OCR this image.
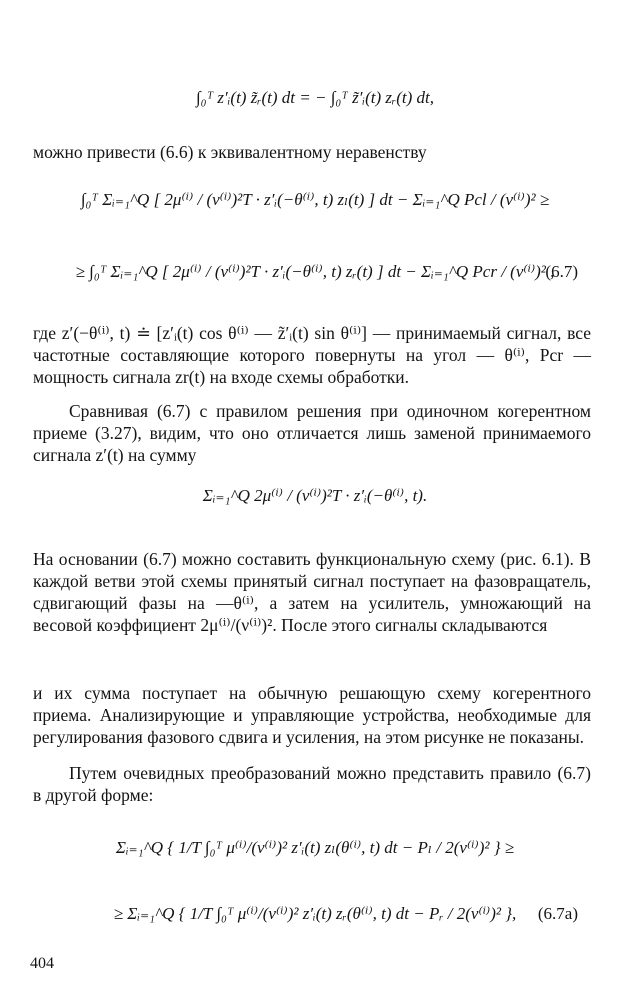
∫₀ᵀ z′ᵢ(t) z̃ᵣ(t) dt = − ∫₀ᵀ z̃′ᵢ(t) zᵣ(t) dt,
можно привести (6.6) к эквивалентному неравенству
∫₀ᵀ Σᵢ₌₁^Q [ 2μ⁽ⁱ⁾ / (ν⁽ⁱ⁾)²T · z′ᵢ(−θ⁽ⁱ⁾, t) zₗ(t) ] dt − Σᵢ₌₁^Q Pcl / (ν⁽ⁱ⁾)² ≥
≥ ∫₀ᵀ Σᵢ₌₁^Q [ 2μ⁽ⁱ⁾ / (ν⁽ⁱ⁾)²T · z′ᵢ(−θ⁽ⁱ⁾, t) zᵣ(t) ] dt − Σᵢ₌₁^Q Pcr / (ν⁽ⁱ⁾)² ,
(6.7)
где z′(−θ⁽ⁱ⁾, t) ≐ [z′ᵢ(t) cos θ⁽ⁱ⁾ — z̃′ᵢ(t) sin θ⁽ⁱ⁾] — принимаемый сигнал, все частотные составляющие которого повернуты на угол — θ⁽ⁱ⁾, Pcr — мощность сигнала zr(t) на входе схемы обработки.
Сравнивая (6.7) с правилом решения при одиночном когерентном приеме (3.27), видим, что оно отличается лишь заменой принимаемого сигнала z′(t) на сумму
Σᵢ₌₁^Q 2μ⁽ⁱ⁾ / (ν⁽ⁱ⁾)²T · z′ᵢ(−θ⁽ⁱ⁾, t).
На основании (6.7) можно составить функциональную схему (рис. 6.1). В каждой ветви этой схемы принятый сигнал поступает на фазовращатель, сдвигающий фазы на —θ⁽ⁱ⁾, а затем на усилитель, умножающий на весовой коэффициент 2μ⁽ⁱ⁾/(ν⁽ⁱ⁾)². После этого сигналы складываются
и их сумма поступает на обычную решающую схему когерентного приема. Анализирующие и управляющие устройства, необходимые для регулирования фазового сдвига и усиления, на этом рисунке не показаны.
Путем очевидных преобразований можно представить правило (6.7) в другой форме:
Σᵢ₌₁^Q { 1/T ∫₀ᵀ μ⁽ⁱ⁾/(ν⁽ⁱ⁾)² z′ᵢ(t) zₗ(θ⁽ⁱ⁾, t) dt − Pₗ / 2(ν⁽ⁱ⁾)² } ≥
≥ Σᵢ₌₁^Q { 1/T ∫₀ᵀ μ⁽ⁱ⁾/(ν⁽ⁱ⁾)² z′ᵢ(t) zᵣ(θ⁽ⁱ⁾, t) dt − Pᵣ / 2(ν⁽ⁱ⁾)² }, (6.7a)
404
